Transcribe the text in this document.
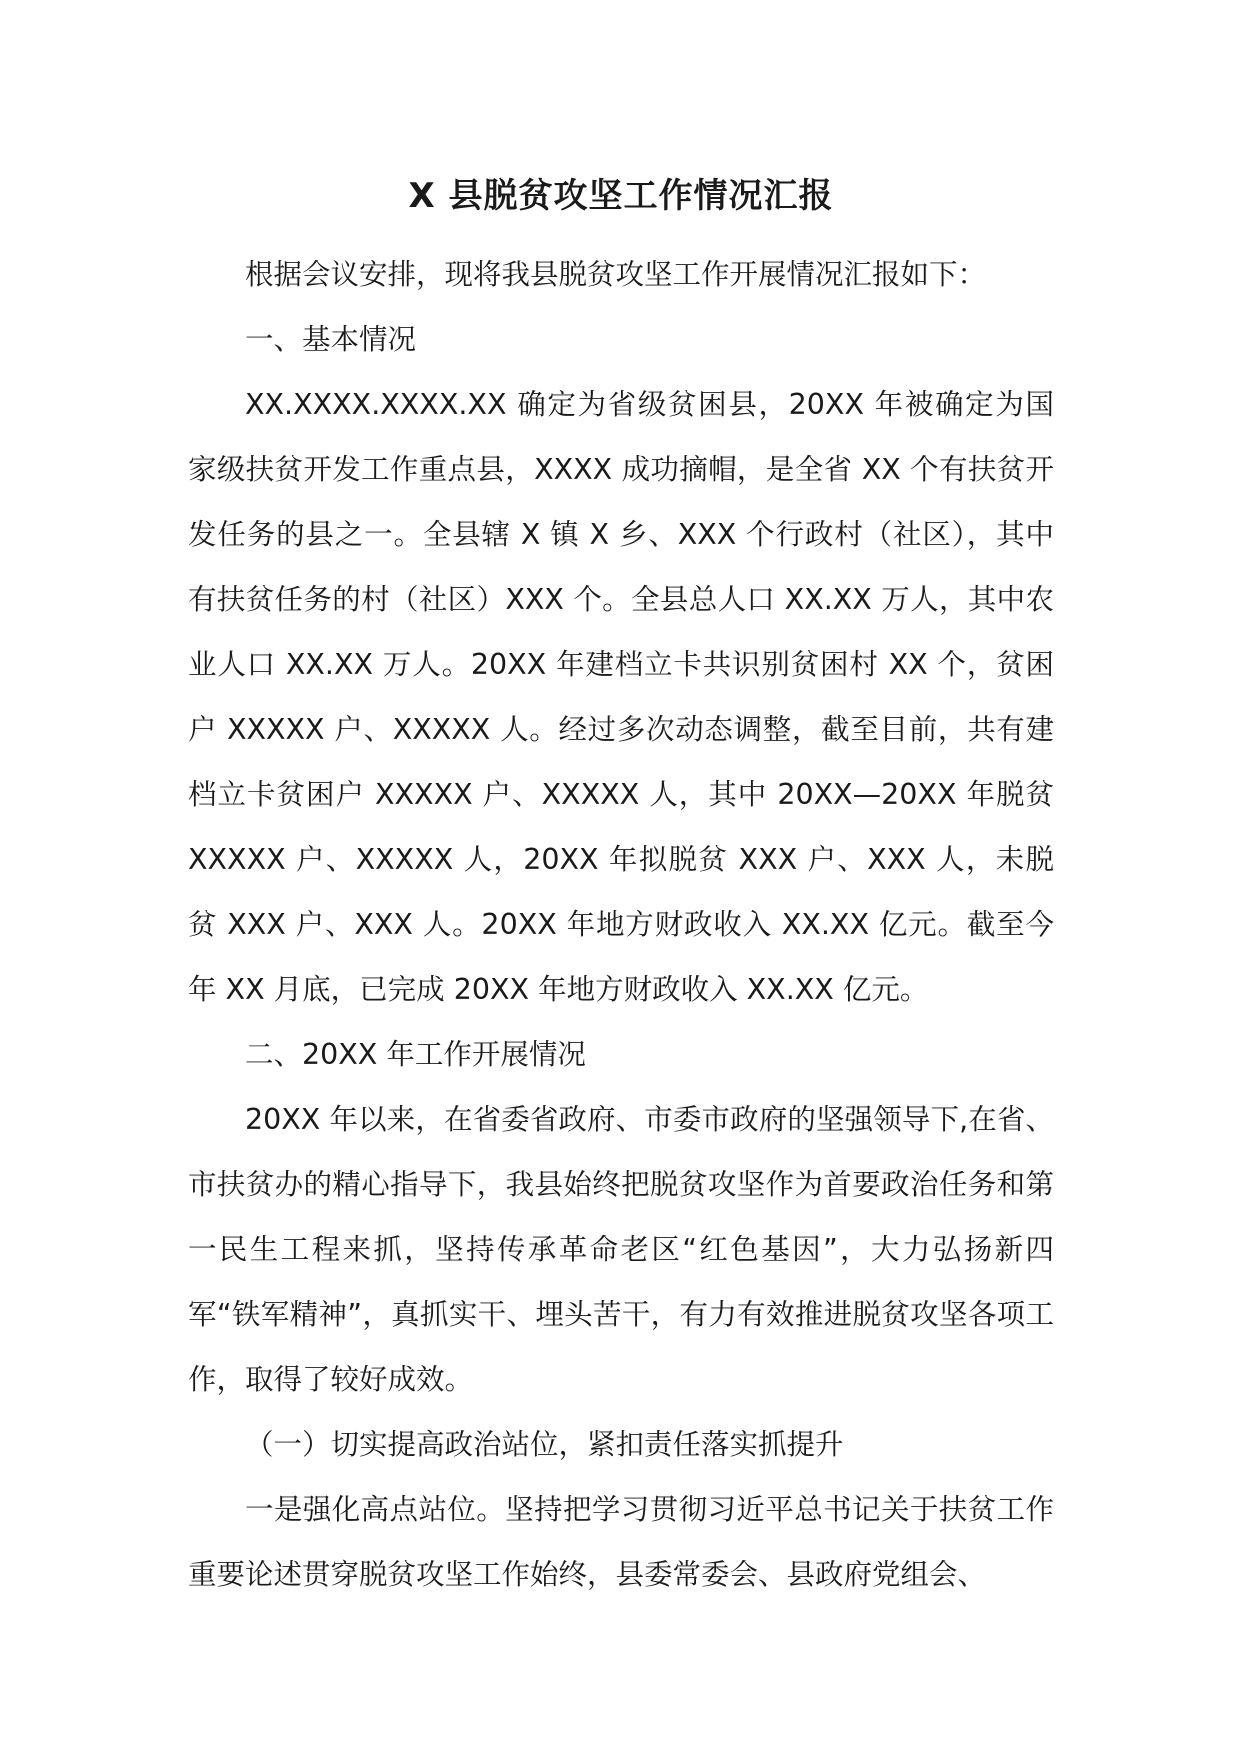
X 县脱贫攻坚工作情况汇报

根据会议安排，现将我县脱贫攻坚工作开展情况汇报如下：

一、基本情况

XX.XXXX.XXXX.XX 确定为省级贫困县，20XX 年被确定为国家级扶贫开发工作重点县，XXXX 成功摘帽，是全省 XX 个有扶贫开发任务的县之一。全县辖 X 镇 X 乡、XXX 个行政村（社区），其中有扶贫任务的村（社区）XXX 个。全县总人口 XX.XX 万人，其中农业人口 XX.XX 万人。20XX 年建档立卡共识别贫困村 XX 个，贫困户 XXXXX 户、XXXXX 人。经过多次动态调整，截至目前，共有建档立卡贫困户 XXXXX 户、XXXXX 人，其中 20XX—20XX 年脱贫 XXXXX 户、XXXXX 人，20XX 年拟脱贫 XXX 户、XXX 人，未脱贫 XXX 户、XXX 人。20XX 年地方财政收入 XX.XX 亿元。截至今年 XX 月底，已完成 20XX 年地方财政收入 XX.XX 亿元。

二、20XX 年工作开展情况

20XX 年以来，在省委省政府、市委市政府的坚强领导下,在省、市扶贫办的精心指导下，我县始终把脱贫攻坚作为首要政治任务和第一民生工程来抓，坚持传承革命老区“红色基因”，大力弘扬新四军“铁军精神”，真抓实干、埋头苦干，有力有效推进脱贫攻坚各项工作，取得了较好成效。

（一）切实提高政治站位，紧扣责任落实抓提升

一是强化高点站位。坚持把学习贯彻习近平总书记关于扶贫工作重要论述贯穿脱贫攻坚工作始终，县委常委会、县政府党组会、
